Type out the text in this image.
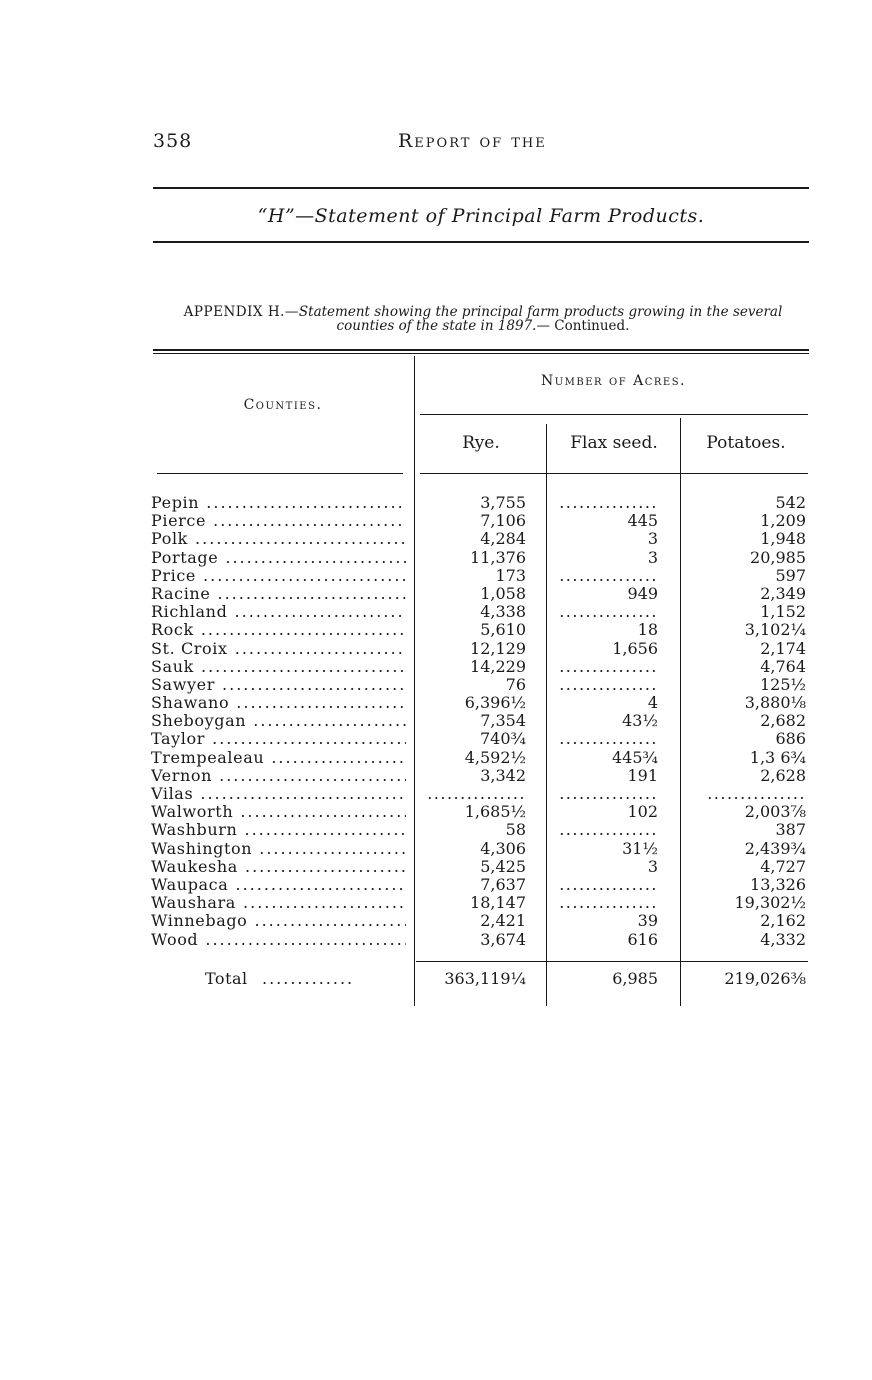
358	Report of the
“H”—Statement of Principal Farm Products.
APPENDIX H.—Statement showing the principal farm products growing in the several counties of the state in 1897.— Continued.
Counties.
Number of Acres.
Rye.	Flax seed.	Potatoes.
Pepin .....	3,755	...............	542
Pierce .....	7,106	445	1,209
Polk .....	4,284	3	1,948
Portage .....	11,376	3	20,985
Price .....	173	...............	597
Racine .....	1,058	949	2,349
Richland .....	4,338	...............	1,152
Rock .....	5,610	18	3,102¼
St. Croix .....	12,129	1,656	2,174
Sauk .....	14,229	...............	4,764
Sawyer .....	76	...............	125½
Shawano .....	6,396½	4	3,880⅛
Sheboygan .....	7,354	43½	2,682
Taylor .....	740¾	...............	686
Trempealeau .....	4,592½	445¾	1,3 6¾
Vernon .....	3,342	191	2,628
Vilas .....	...............	...............	...............
Walworth .....	1,685½	102	2,003⅞
Washburn .....	58	...............	387
Washington .....	4,306	31½	2,439¾
Waukesha .....	5,425	3	4,727
Waupaca .....	7,637	...............	13,326
Waushara .....	18,147	...............	19,302½
Winnebago .....	2,421	39	2,162
Wood .....	3,674	616	4,332
Total .............	363,119¼	6,985	219,026⅜
